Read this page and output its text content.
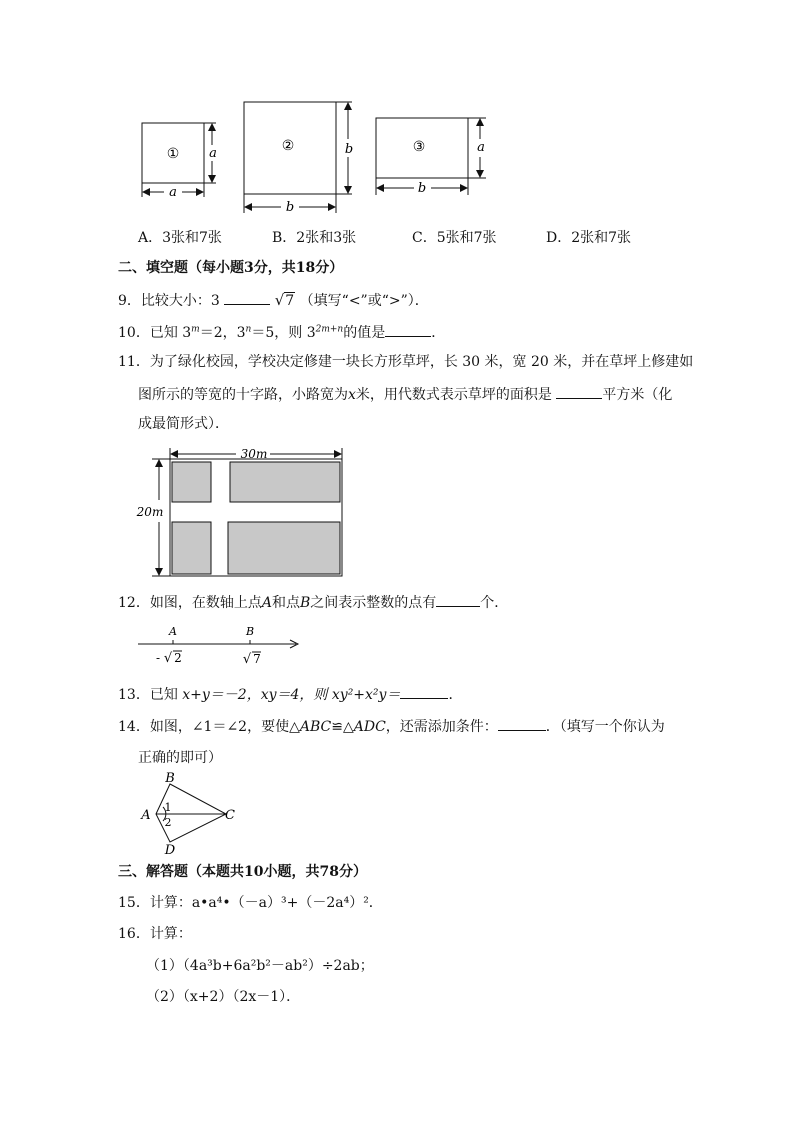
① a
a
②	b
b
③	a
b
A．3张和7张	B．2张和3张	C．5张和7张	D．2张和7张
二、填空题（每小题3分，共18分）
9．比较大小：3	√7 （填写“<”或“>”）．
10．已知 $3^m=2$，$3^n=5$，则 $3^{2m+n}$的值是	．
11．为了绿化校园，学校决定修建一块长方形草坪，长 30 米，宽 20 米，并在草坪上修建如
图所示的等宽的十字路，小路宽为x米，用代数式表示草坪的面积是	平方米（化
成最简形式）．
30m
20m
12．如图，在数轴上点A和点B之间表示整数的点有	个．
A	B
- √ 2	√ 7
13．已知 x+y＝－2，xy＝4，则 xy²+x²y＝	．
14．如图，∠1＝∠2，要使△ABC≌△ADC，还需添加条件：	．（填写一个你认为
正确的即可）
B
A	C
D
1
2
三、解答题（本题共10小题，共78分）
15．计算：a•a⁴•（－a）³+（－2a⁴）²．
16．计算：
（1）（4a³b+6a²b²－ab²）÷2ab；
（2）（x+2）（2x－1）．
